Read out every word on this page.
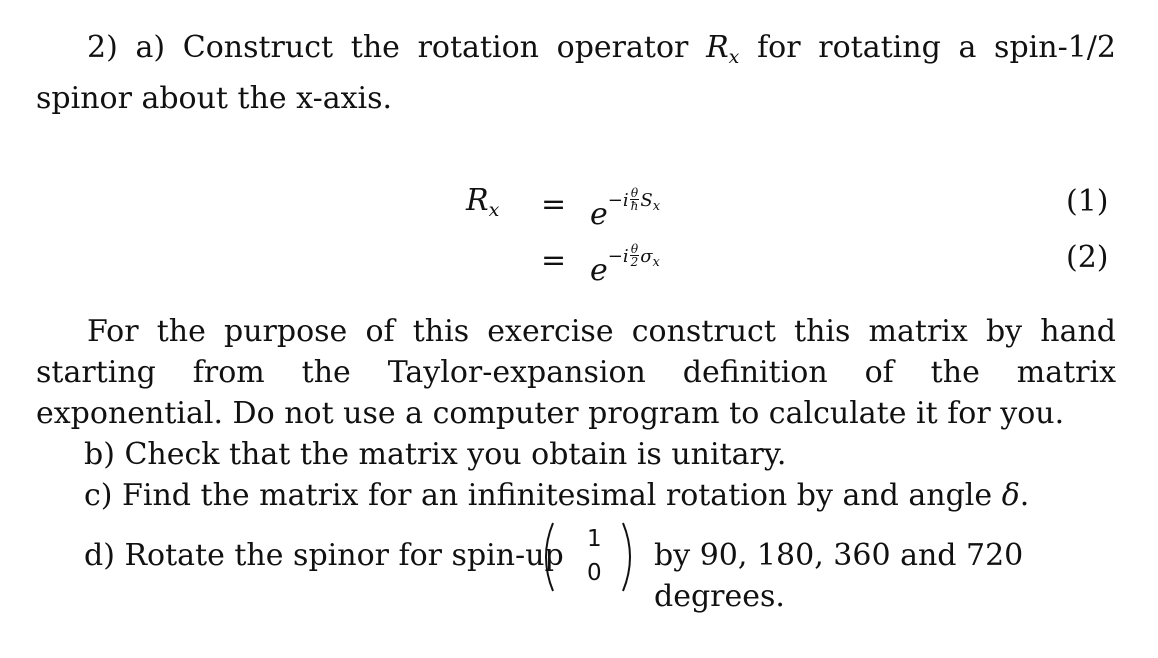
2) a) Construct the rotation operator $R_x$ for rotating a spin-1/2 spinor about the x-axis.
$R_x = e^{-i} \frac{\theta}{ħ} ^{Sx}$	(1)
= $e^{-i} \frac{\theta}{2} ^{\sigma x}$	(2)
For the purpose of this exercise construct this matrix by hand starting from the Taylor-expansion definition of the matrix exponential. Do not use a computer program to calculate it for you.
b) Check that the matrix you obtain is unitary.
c) Find the matrix for an infinitesimal rotation by and angle δ.
d) Rotate the spinor for spin-up 1
0 by 90, 180, 360 and 720 degrees.
